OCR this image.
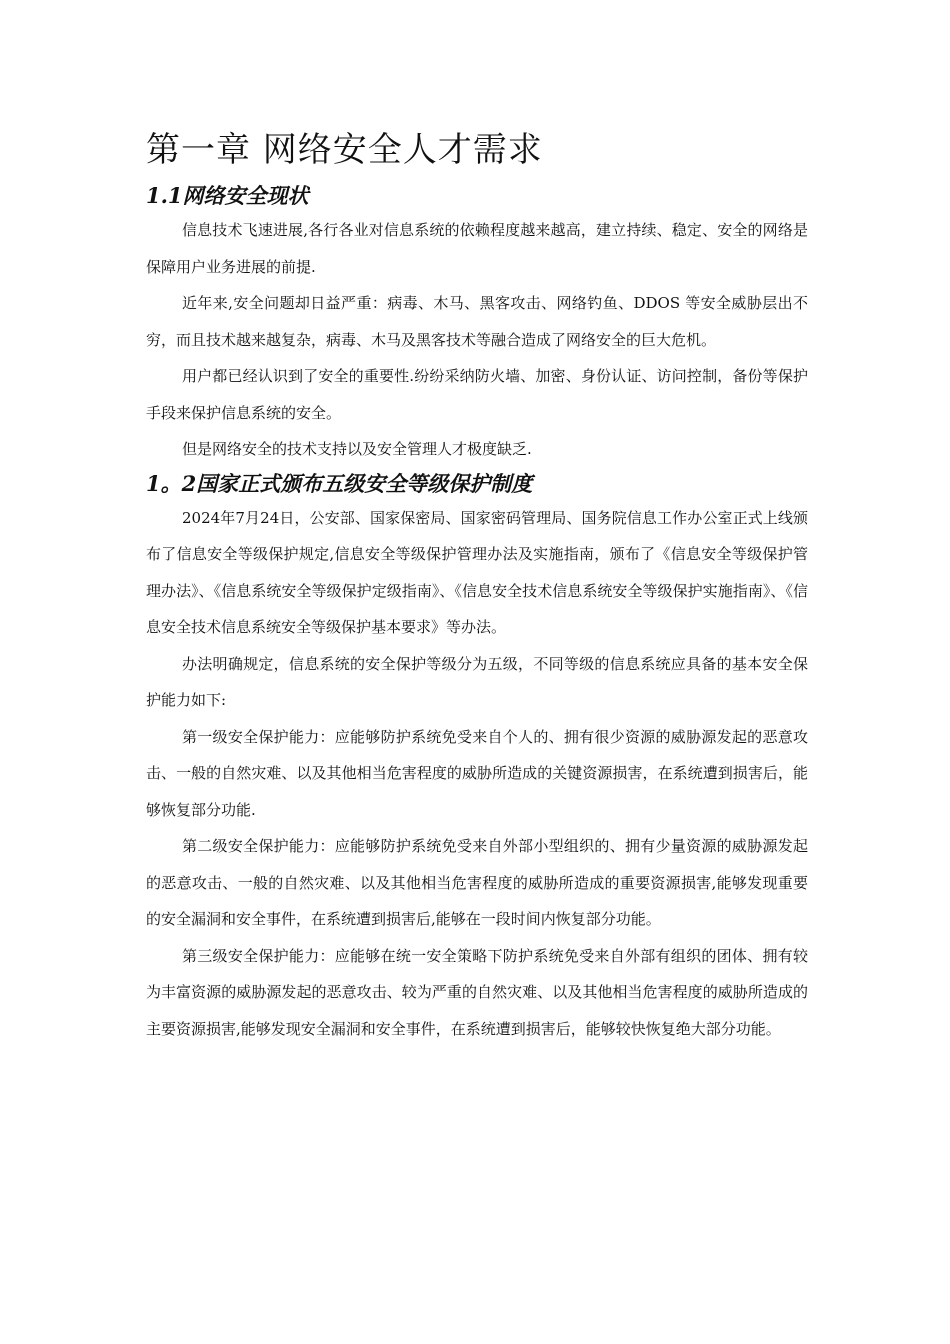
第一章 网络安全人才需求
1.1网络安全现状

信息技术飞速进展,各行各业对信息系统的依赖程度越来越高，建立持续、稳定、安全的网络是保障用户业务进展的前提.

近年来,安全问题却日益严重：病毒、木马、黑客攻击、网络钓鱼、DDOS 等安全威胁层出不穷，而且技术越来越复杂，病毒、木马及黑客技术等融合造成了网络安全的巨大危机。

用户都已经认识到了安全的重要性.纷纷采纳防火墙、加密、身份认证、访问控制，备份等保护手段来保护信息系统的安全。

但是网络安全的技术支持以及安全管理人才极度缺乏.

1。2国家正式颁布五级安全等级保护制度

2024年7月24日，公安部、国家保密局、国家密码管理局、国务院信息工作办公室正式上线颁布了信息安全等级保护规定,信息安全等级保护管理办法及实施指南，颁布了《信息安全等级保护管理办法》、《信息系统安全等级保护定级指南》、《信息安全技术信息系统安全等级保护实施指南》、《信息安全技术信息系统安全等级保护基本要求》等办法。

办法明确规定，信息系统的安全保护等级分为五级，不同等级的信息系统应具备的基本安全保护能力如下:

第一级安全保护能力：应能够防护系统免受来自个人的、拥有很少资源的威胁源发起的恶意攻击、一般的自然灾难、以及其他相当危害程度的威胁所造成的关键资源损害，在系统遭到损害后，能够恢复部分功能.

第二级安全保护能力：应能够防护系统免受来自外部小型组织的、拥有少量资源的威胁源发起的恶意攻击、一般的自然灾难、以及其他相当危害程度的威胁所造成的重要资源损害,能够发现重要的安全漏洞和安全事件，在系统遭到损害后,能够在一段时间内恢复部分功能。

第三级安全保护能力：应能够在统一安全策略下防护系统免受来自外部有组织的团体、拥有较为丰富资源的威胁源发起的恶意攻击、较为严重的自然灾难、以及其他相当危害程度的威胁所造成的主要资源损害,能够发现安全漏洞和安全事件，在系统遭到损害后，能够较快恢复绝大部分功能。
